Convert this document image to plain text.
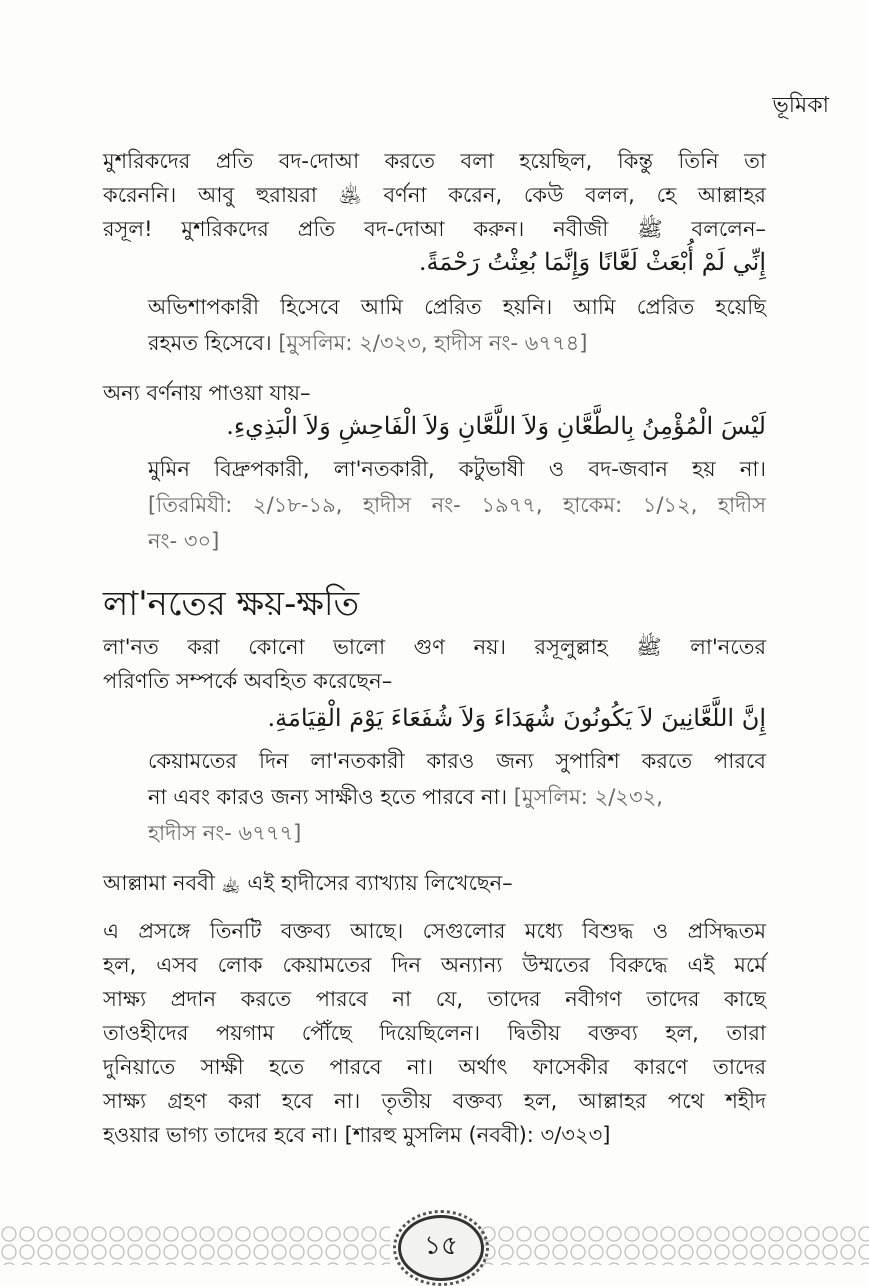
ভূমিকা
মুশরিকদের প্রতি বদ-দোআ করতে বলা হয়েছিল, কিন্তু তিনি তা
করেননি। আবু হুরায়রা ﵁ বর্ণনা করেন, কেউ বলল, হে আল্লাহর
রসূল! মুশরিকদের প্রতি বদ-দোআ করুন। নবীজী ﷺ বললেন–
إِنِّي لَمْ أُبْعَثْ لَعَّانًا وَإِنَّمَا بُعِثْتُ رَحْمَةً.
অভিশাপকারী হিসেবে আমি প্রেরিত হয়নি। আমি প্রেরিত হয়েছি
রহমত হিসেবে। [মুসলিম: ২/৩২৩, হাদীস নং- ৬৭৭৪]
অন্য বর্ণনায় পাওয়া যায়–
لَيْسَ الْمُؤْمِنُ بِالطَّعَّانِ وَلاَ اللَّعَّانِ وَلاَ الْفَاحِشِ وَلاَ الْبَذِيءِ.
মুমিন বিদ্রুপকারী, লা'নতকারী, কটুভাষী ও বদ-জবান হয় না।
[তিরমিযী: ২/১৮-১৯, হাদীস নং- ১৯৭৭, হাকেম: ১/১২, হাদীস
নং- ৩০]
লা'নতের ক্ষয়-ক্ষতি
লা'নত করা কোনো ভালো গুণ নয়। রসূলুল্লাহ ﷺ লা'নতের
পরিণতি সম্পর্কে অবহিত করেছেন–
إِنَّ اللَّعَّانِينَ لاَ يَكُونُونَ شُهَدَاءَ وَلاَ شُفَعَاءَ يَوْمَ الْقِيَامَةِ.
কেয়ামতের দিন লা'নতকারী কারও জন্য সুপারিশ করতে পারবে
না এবং কারও জন্য সাক্ষীও হতে পারবে না। [মুসলিম: ২/২৩২,
হাদীস নং- ৬৭৭৭]
আল্লামা নববী ﵀ এই হাদীসের ব্যাখ্যায় লিখেছেন–
এ প্রসঙ্গে তিনটি বক্তব্য আছে। সেগুলোর মধ্যে বিশুদ্ধ ও প্রসিদ্ধতম
হল, এসব লোক কেয়ামতের দিন অন্যান্য উম্মতের বিরুদ্ধে এই মর্মে
সাক্ষ্য প্রদান করতে পারবে না যে, তাদের নবীগণ তাদের কাছে
তাওহীদের পয়গাম পৌঁছে দিয়েছিলেন। দ্বিতীয় বক্তব্য হল, তারা
দুনিয়াতে সাক্ষী হতে পারবে না। অর্থাৎ ফাসেকীর কারণে তাদের
সাক্ষ্য গ্রহণ করা হবে না। তৃতীয় বক্তব্য হল, আল্লাহর পথে শহীদ
হওয়ার ভাগ্য তাদের হবে না। [শারহু মুসলিম (নববী): ৩/৩২৩]
১৫
